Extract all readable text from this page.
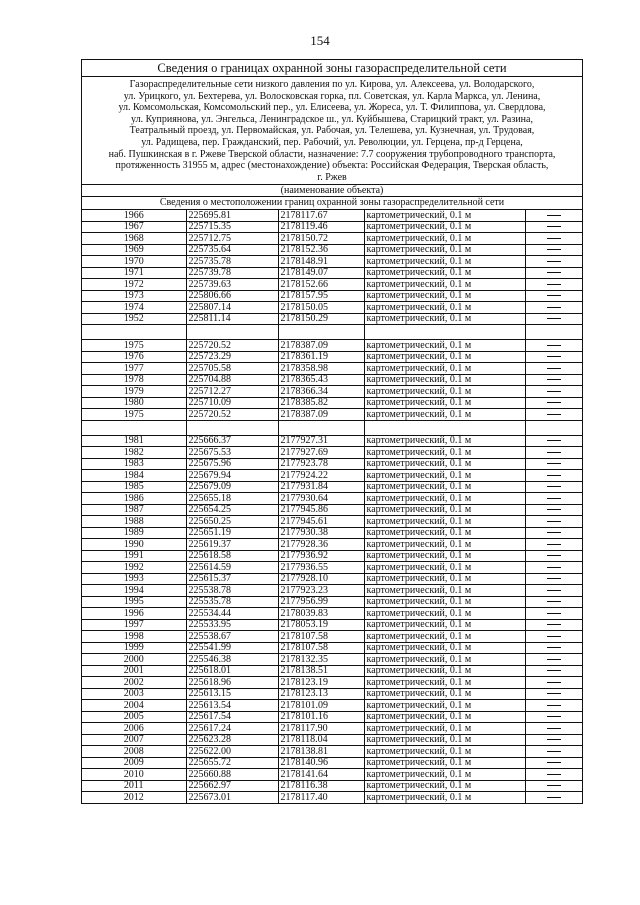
154
Сведения о границах охранной зоны газораспределительной сети
Газораспределительные сети низкого давления по ул. Кирова, ул. Алексеева, ул. Володарского,
ул. Урицкого, ул. Бехтерева, ул. Волосковская горка, пл. Советская, ул. Карла Маркса, ул. Ленина,
ул. Комсомольская, Комсомольский пер., ул. Елисеева, ул. Жореса, ул. Т. Филиппова, ул. Свердлова,
ул. Куприянова, ул. Энгельса, Ленинградское ш., ул. Куйбышева, Старицкий тракт, ул. Разина,
Театральный проезд, ул. Первомайская, ул. Рабочая, ул. Телешева, ул. Кузнечная, ул. Трудовая,
ул. Радищева, пер. Гражданский, пер. Рабочий, ул. Революции, ул. Герцена, пр-д Герцена,
наб. Пушкинская в г. Ржеве Тверской области, назначение: 7.7 сооружения трубопроводного транспорта,
протяженность 31955 м, адрес (местонахождение) объекта: Российская Федерация, Тверская область,
г. Ржев
(наименование объекта)
Сведения о местоположении границ охранной зоны газораспределительной сети
1966	225695.81	2178117.67	картометрический, 0.1 м	
1967	225715.35	2178119.46	картометрический, 0.1 м	
1968	225712.75	2178150.72	картометрический, 0.1 м	
1969	225735.64	2178152.36	картометрический, 0.1 м	
1970	225735.78	2178148.91	картометрический, 0.1 м	
1971	225739.78	2178149.07	картометрический, 0.1 м	
1972	225739.63	2178152.66	картометрический, 0.1 м	
1973	225806.66	2178157.95	картометрический, 0.1 м	
1974	225807.14	2178150.05	картометрический, 0.1 м	
1952	225811.14	2178150.29	картометрический, 0.1 м	

1975	225720.52	2178387.09	картометрический, 0.1 м	
1976	225723.29	2178361.19	картометрический, 0.1 м	
1977	225705.58	2178358.98	картометрический, 0.1 м	
1978	225704.88	2178365.43	картометрический, 0.1 м	
1979	225712.27	2178366.34	картометрический, 0.1 м	
1980	225710.09	2178385.82	картометрический, 0.1 м	
1975	225720.52	2178387.09	картометрический, 0.1 м	

1981	225666.37	2177927.31	картометрический, 0.1 м	
1982	225675.53	2177927.69	картометрический, 0.1 м	
1983	225675.96	2177923.78	картометрический, 0.1 м	
1984	225679.94	2177924.22	картометрический, 0.1 м	
1985	225679.09	2177931.84	картометрический, 0.1 м	
1986	225655.18	2177930.64	картометрический, 0.1 м	
1987	225654.25	2177945.86	картометрический, 0.1 м	
1988	225650.25	2177945.61	картометрический, 0.1 м	
1989	225651.19	2177930.38	картометрический, 0.1 м	
1990	225619.37	2177928.36	картометрический, 0.1 м	
1991	225618.58	2177936.92	картометрический, 0.1 м	
1992	225614.59	2177936.55	картометрический, 0.1 м	
1993	225615.37	2177928.10	картометрический, 0.1 м	
1994	225538.78	2177923.23	картометрический, 0.1 м	
1995	225535.78	2177956.99	картометрический, 0.1 м	
1996	225534.44	2178039.83	картометрический, 0.1 м	
1997	225533.95	2178053.19	картометрический, 0.1 м	
1998	225538.67	2178107.58	картометрический, 0.1 м	
1999	225541.99	2178107.58	картометрический, 0.1 м	
2000	225546.38	2178132.35	картометрический, 0.1 м	
2001	225618.01	2178138.51	картометрический, 0.1 м	
2002	225618.96	2178123.19	картометрический, 0.1 м	
2003	225613.15	2178123.13	картометрический, 0.1 м	
2004	225613.54	2178101.09	картометрический, 0.1 м	
2005	225617.54	2178101.16	картометрический, 0.1 м	
2006	225617.24	2178117.90	картометрический, 0.1 м	
2007	225623.28	2178118.04	картометрический, 0.1 м	
2008	225622.00	2178138.81	картометрический, 0.1 м	
2009	225655.72	2178140.96	картометрический, 0.1 м	
2010	225660.88	2178141.64	картометрический, 0.1 м	
2011	225662.97	2178116.38	картометрический, 0.1 м	
2012	225673.01	2178117.40	картометрический, 0.1 м	
